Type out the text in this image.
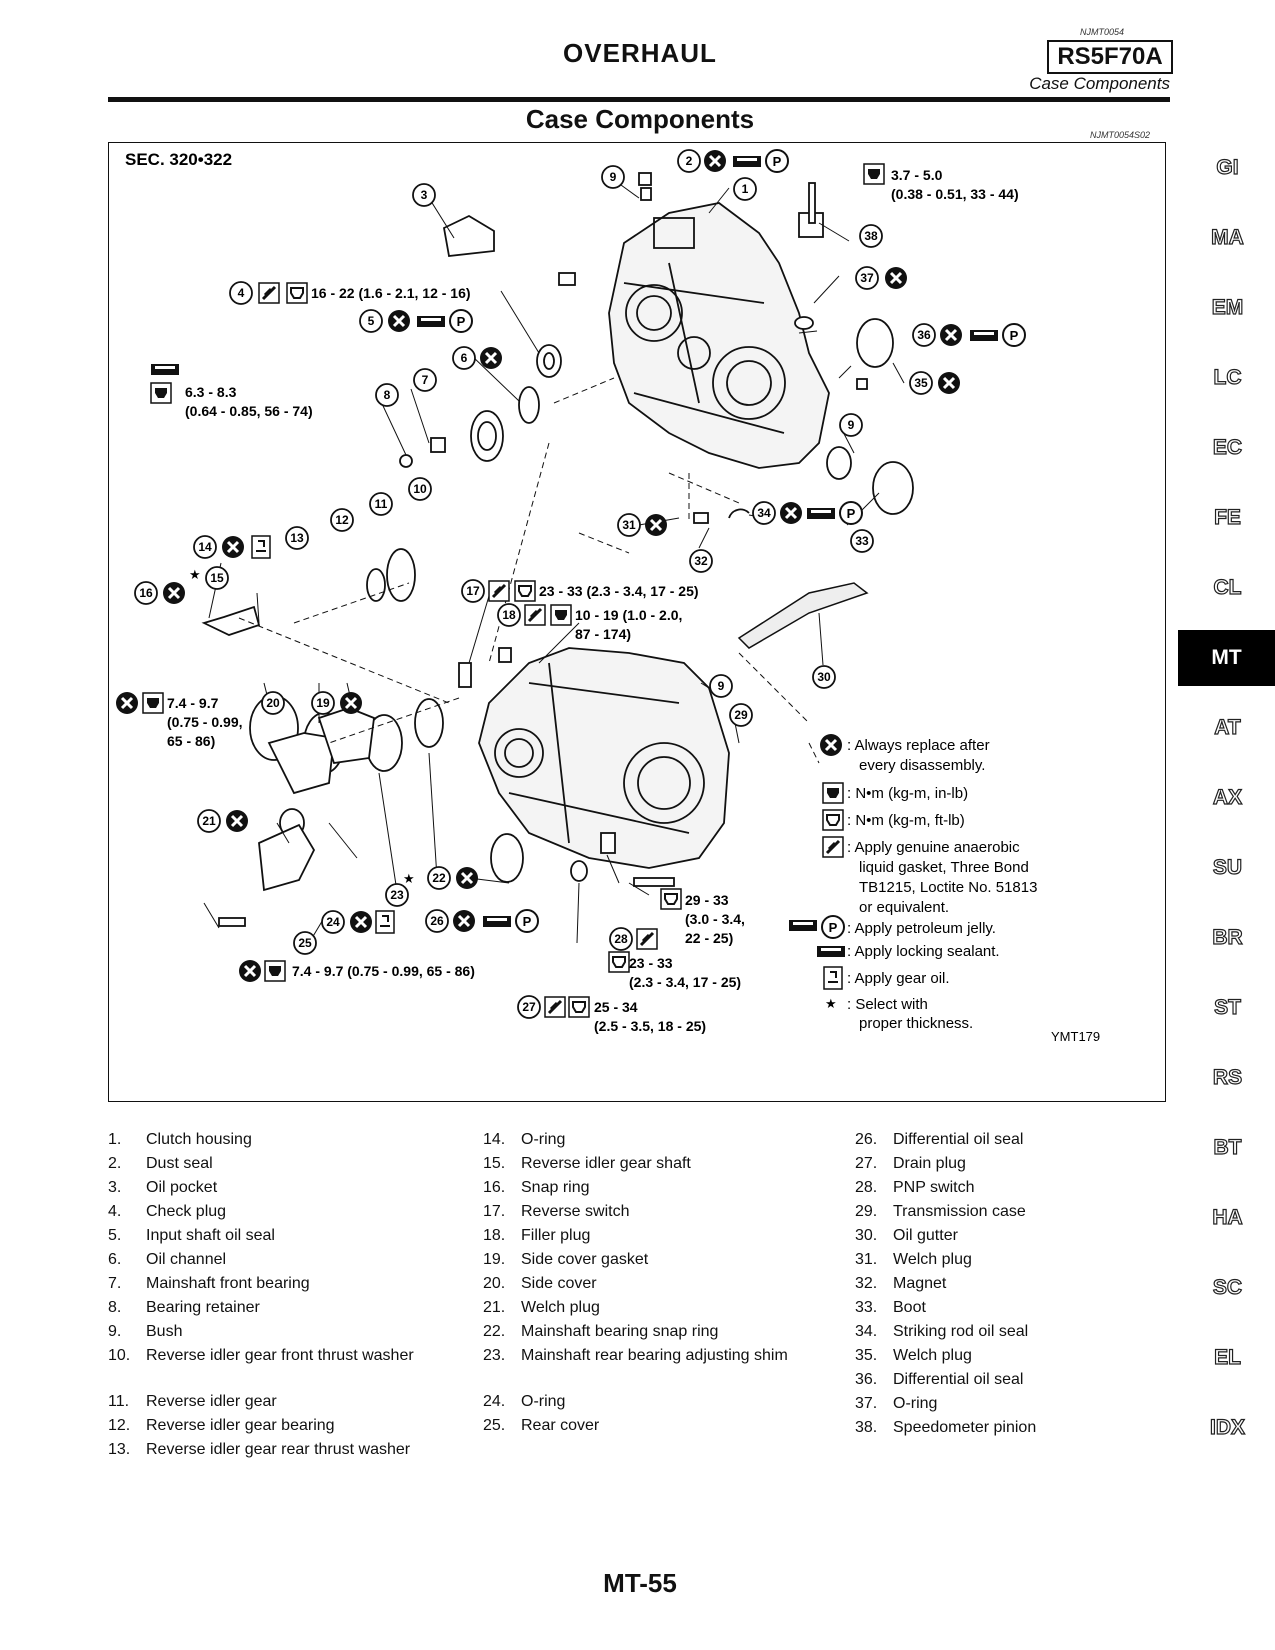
NJMT0054
OVERHAUL	RS5F70A
Case Components
Case Components
NJMT0054S02
SEC. 320•322
1
2
3
4
5
6
7
8
9
9
9
10
11
12
13
14
15
16	17
18
19
20
21
22
23
24
25
26
27
28
29
30
31
32
33
34
35
36
37
38
P
P
★
★
P
P
P
3.7 - 5.0
(0.38 - 0.51, 33 - 44)
16 - 22 (1.6 - 2.1, 12 - 16)
6.3 - 8.3
(0.64 - 0.85, 56 - 74)
23 - 33 (2.3 - 3.4, 17 - 25)
10 - 19 (1.0 - 2.0,
87 - 174)
7.4 - 9.7
(0.75 - 0.99,
65 - 86)
29 - 33
(3.0 - 3.4,
22 - 25)
23 - 33
(2.3 - 3.4, 17 - 25)
7.4 - 9.7 (0.75 - 0.99, 65 - 86)
25 - 34
(2.5 - 3.5, 18 - 25)
: Always replace after
every disassembly.
: N•m (kg-m, in-lb)
: N•m (kg-m, ft-lb)
: Apply genuine anaerobic
liquid gasket, Three Bond
TB1215, Loctite No. 51813
or equivalent.
P : Apply petroleum jelly.
: Apply locking sealant.
: Apply gear oil.
★ : Select with
proper thickness.
YMT179
1.	Clutch housing
2.	Dust seal
3.	Oil pocket
4.	Check plug
5.	Input shaft oil seal
6.	Oil channel
7.	Mainshaft front bearing
8.	Bearing retainer
9.	Bush
10. Reverse idler gear front thrust washer
11.	Reverse idler gear
12. Reverse idler gear bearing
13. Reverse idler gear rear thrust washer
14. O-ring
15. Reverse idler gear shaft
16. Snap ring
17. Reverse switch
18. Filler plug
19. Side cover gasket
20. Side cover
21. Welch plug
22. Mainshaft bearing snap ring
23. Mainshaft rear bearing adjusting shim
24. O-ring
25. Rear cover
26. Differential oil seal
27. Drain plug
28. PNP switch
29. Transmission case
30. Oil gutter
31. Welch plug
32. Magnet
33. Boot
34. Striking rod oil seal
35. Welch plug
36. Differential oil seal
37. O-ring
38. Speedometer pinion
GI
MA
EM
LC
EC
FE
CL
MT
AT
AX
SU
BR
ST
RS
BT
HA
SC
EL
IDX
MT-55
